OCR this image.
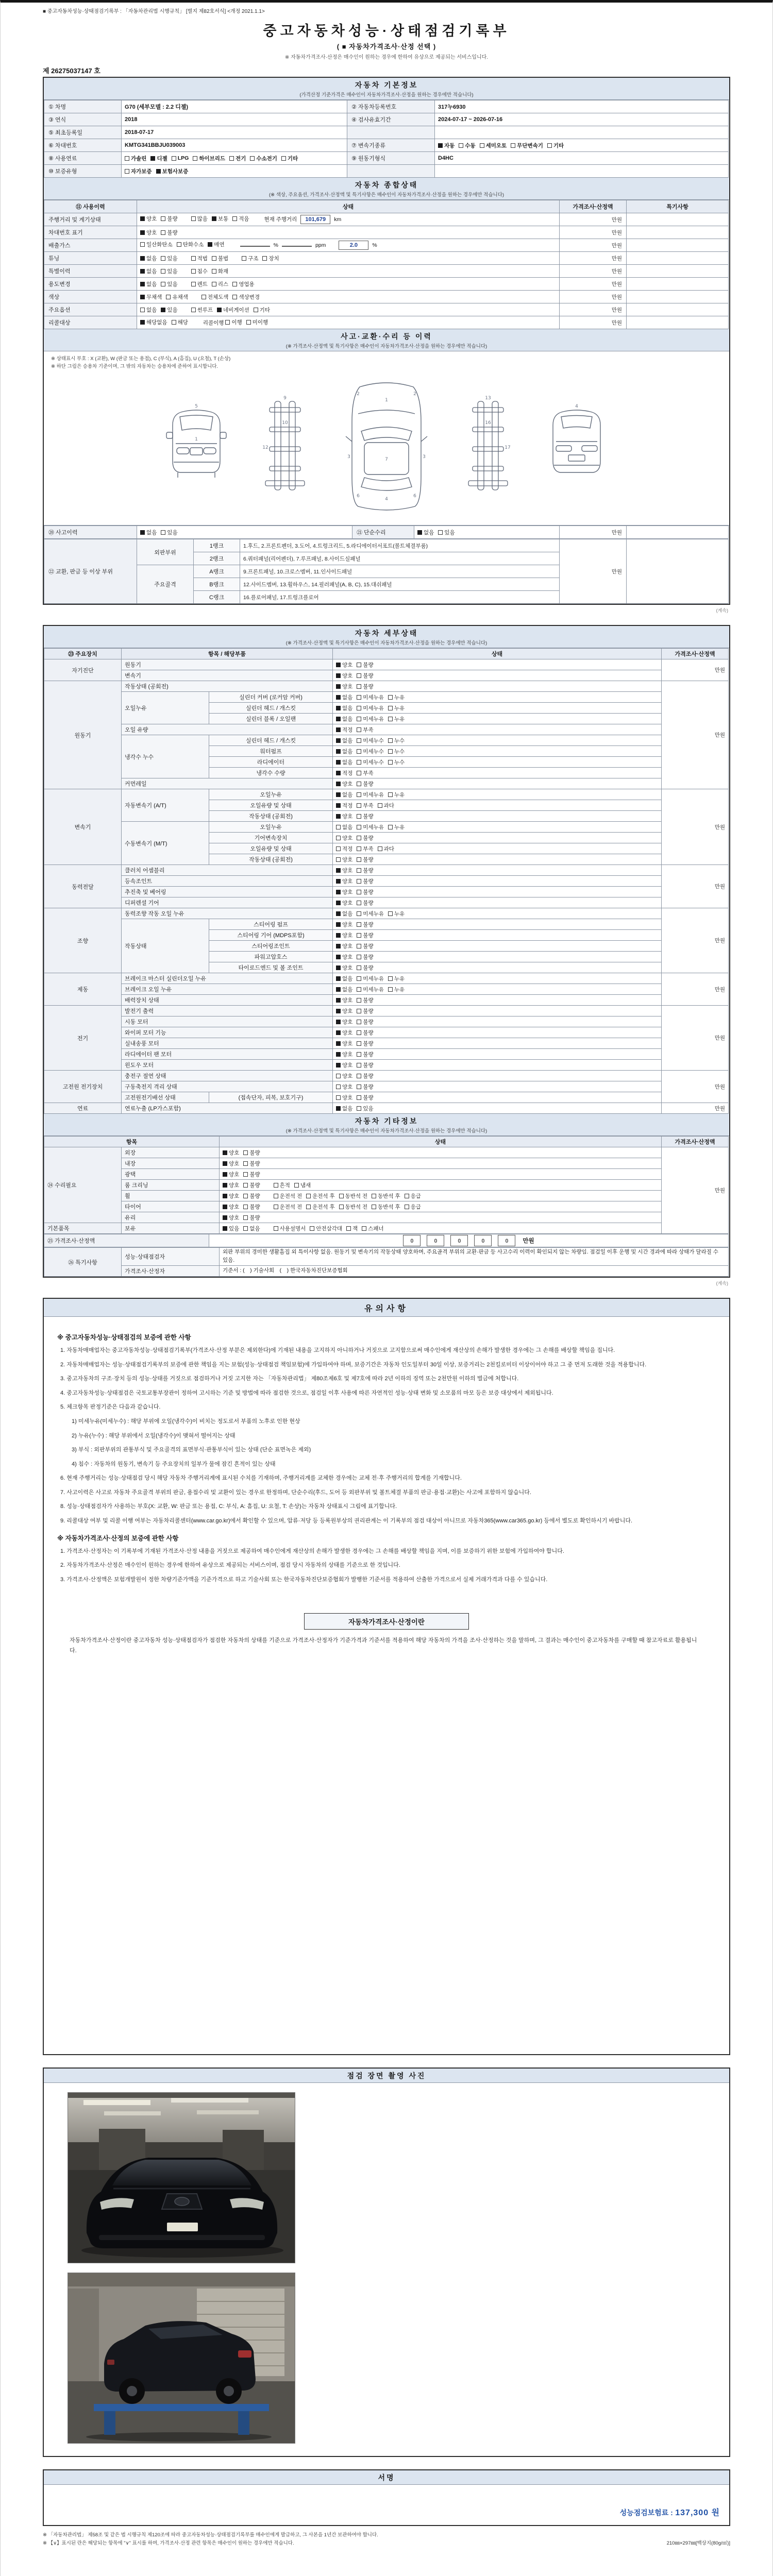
■ 중고자동차성능·상태점검기록부 : 「자동차관리법 시행규칙」 [별지 제82호서식] <개정 2021.1.1>
중고자동차성능·상태점검기록부
( ■ 자동차가격조사·산정 선택 )
※ 자동차가격조사·산정은 매수인이 원하는 경우에 한하여 유상으로 제공되는 서비스입니다.
제 26275037147 호
자동차 기본정보
(가격산정 기준가격은 매수인이 자동차가격조사·산정을 원하는 경우에만 적습니다)
① 차명	G70 (세부모델 : 2.2 디젤)	② 자동차등록번호	317누6930
③ 연식	2018	④ 검사유효기간	2024-07-17 ~ 2026-07-16
⑤ 최초등록일	2018-07-17		
⑥ 차대번호	KMTG341BBJU039003	⑦ 변속기종류	자동 수동 세미오토 무단변속기 기타

⑧ 사용연료	가솔린 디젤 LPG 하이브리드 전기 수소전기 기타	⑨ 원동기형식	D4HC
⑩ 보증유형	자가보증 보험사보증		

자동차 종합상태
(※ 색상, 주요옵션, 가격조사·산정액 및 특기사항은 매수인이 자동차가격조사·산정을 원하는 경우에만 적습니다)
⑪ 사용이력	상태	가격조사·산정액	특기사항
주행거리 및 계기상태	양호 불량	많음 보통 적음	현재 주행거리 101,679 km	만원	
차대번호 표기	양호 불량	만원	
배출가스	일산화탄소 탄화수소 매연 % ppm 2.0 %	만원	
튜닝	없음 있음	적법 불법	구조 장치	만원	
특별이력	없음 있음 침수 화재	만원	
용도변경	없음 있음 렌트 리스 영업용	만원	
색상	무채색 유채색 전체도색 색상변경	만원	
주요옵션	없음 있음 썬루프 네비게이션 기타	만원	
리콜대상	해당없음 해당 리콜이행 이행 미이행	만원	
사고·교환·수리 등 이력
(※ 가격조사·산정액 및 특기사항은 매수인이 자동차가격조사·산정을 원하는 경우에만 적습니다)
※ 상태표시 부호 : X (교환), W (판금 또는 용접), C (부식), A (흠집), U (요철), T (손상)
※ 하단 그림은 승용차 기준이며, 그 밖의 자동차는 승용차에 준하여 표시합니다.
5
1
9
10
12
1
2	2
3	3
7
4
6	6
13
16
17
4
⑳ 사고이력	없음 있음	㉑ 단순수리	없음 있음	만원	
㉒ 교환, 판금 등 이상 부위	외판부위	1랭크	1.후드, 2.프론트펜더, 3.도어, 4.트렁크리드, 5.라디에이터서포트(볼트체결부품)	만원	
		2랭크	6.쿼터패널(리어펜더), 7.루프패널, 8.사이드실패널		
	주요골격	A랭크	9.프론트패널, 10.크로스멤버, 11.인사이드패널		
		B랭크	12.사이드멤버, 13.휠하우스, 14.필러패널(A, B, C), 15.대쉬패널		
		C랭크	16.플로어패널, 17.트렁크플로어		
(계속)
자동차 세부상태
(※ 가격조사·산정액 및 특기사항은 매수인이 자동차가격조사·산정을 원하는 경우에만 적습니다)
㉓ 주요장치	항목 / 해당부품		상태	가격조사·산정액
자기진단	원동기		양호 불량	만원
	변속기		양호 불량	

원동기	작동상태 (공회전)		양호 불량	만원
	오일누유	실린더 커버 (로커암 커버)	없음 미세누유 누유	

		실린더 헤드 / 개스킷	없음 미세누유 누유	

		실린더 블록 / 오일팬	없음 미세누유 누유	

	오일 유량		적정 부족	

	냉각수 누수	실린더 헤드 / 개스킷	없음 미세누수 누수	

		워터펌프	없음 미세누수 누수	

		라디에이터	없음 미세누수 누수	

		냉각수 수량	적정 부족	

	커먼레일		양호 불량	

변속기	자동변속기 (A/T)	오일누유	없음 미세누유 누유	만원
		오일유량 및 상태	적정 부족 과다	

		작동상태 (공회전)	양호 불량	

	수동변속기 (M/T)	오일누유	없음 미세누유 누유	

		기어변속장치	양호 불량	

		오일유량 및 상태	적정 부족 과다	

		작동상태 (공회전)	양호 불량	

동력전달	클러치 어셈블리		양호 불량	만원
	등속조인트		양호 불량	

	추진축 및 베어링		양호 불량	

	디퍼렌셜 기어		양호 불량	

조향	동력조향 작동 오일 누유		없음 미세누유 누유	만원
	작동상태	스티어링 펌프	양호 불량	

		스티어링 기어 (MDPS포함)	양호 불량	

		스티어링조인트	양호 불량	

		파워고압호스	양호 불량	

		타이로드엔드 및 볼 조인트	양호 불량	

제동	브레이크 마스터 실린더오일 누유		없음 미세누유 누유	만원
	브레이크 오일 누유		없음 미세누유 누유	

	배력장치 상태		양호 불량	

전기	발전기 출력		양호 불량	만원
	시동 모터		양호 불량	

	와이퍼 모터 기능		양호 불량	

	실내송풍 모터		양호 불량	

	라디에이터 팬 모터		양호 불량	

	윈도우 모터		양호 불량	

고전원 전기장치	충전구 절연 상태		양호 불량	만원
	구동축전지 격리 상태		양호 불량	

	고전원전기배선 상태	(접속단자, 피복, 보호기구)	양호 불량	

연료	연료누출 (LP가스포함)		없음 있음	만원
자동차 기타정보
(※ 가격조사·산정액 및 특기사항은 매수인이 자동차가격조사·산정을 원하는 경우에만 적습니다)
항목		상태	가격조사·산정액
㉔ 수리필요	외장	양호 불량	만원
	내장	양호 불량	

	광택	양호 불량	

	룸 크리닝	양호 불량 흔적 냄새	

휠	양호 불량	운전석 전 운전석 후 동반석 전 동반석 후 응급

타이어	양호 불량	운전석 전 운전석 후 동반석 전 동반석 후 응급

	유리	양호 불량	

기본품목	보유	있음 없음	사용설명서 안전삼각대 잭 스패너
㉕ 가격조사·산정액	0	0	0	0	0 만원
㉖ 특기사항	성능·상태점검자	외판 부위의 경미한 생활흠집 외 특이사항 없음. 원동기 및 변속기의 작동상태 양호하며, 주요골격 부위의 교환·판금 등 사고수리 이력이 확인되지 않는 차량임. 점검일 이후 운행 및 시간 경과에 따라 상태가 달라질 수 있음.
	가격조사·산정자	기준서 : (　) 기술사회　(　) 한국자동차진단보증협회
(계속)
유의사항
※ 중고자동차성능·상태점검의 보증에 관한 사항
1. 자동차매매업자는 중고자동차성능·상태점검기록부(가격조사·산정 부분은 제외한다)에 기재된 내용을 고지하지 아니하거나 거짓으로 고지함으로써 매수인에게 재산상의 손해가 발생한 경우에는 그 손해를 배상할 책임을 집니다.
2. 자동차매매업자는 성능·상태점검기록부의 보증에 관한 책임을 지는 보험(성능·상태점검 책임보험)에 가입하여야 하며, 보증기간은 자동차 인도일부터 30일 이상, 보증거리는 2천킬로미터 이상이어야 하고 그 중 먼저 도래한 것을 적용합니다.
3. 중고자동차의 구조·장치 등의 성능·상태를 거짓으로 점검하거나 거짓 고지한 자는 「자동차관리법」 제80조제6호 및 제7호에 따라 2년 이하의 징역 또는 2천만원 이하의 벌금에 처합니다.
4. 중고자동차성능·상태점검은 국토교통부장관이 정하여 고시하는 기준 및 방법에 따라 점검한 것으로, 점검일 이후 사용에 따른 자연적인 성능·상태 변화 및 소모품의 마모 등은 보증 대상에서 제외됩니다.
5. 체크항목 판정기준은 다음과 같습니다.
1) 미세누유(미세누수) : 해당 부위에 오일(냉각수)이 비치는 정도로서 부품의 노후로 인한 현상
2) 누유(누수) : 해당 부위에서 오일(냉각수)이 맺혀서 떨어지는 상태
3) 부식 : 외판부위의 관통부식 및 주요골격의 표면부식·관통부식이 있는 상태 (단순 표면녹은 제외)
4) 침수 : 자동차의 원동기, 변속기 등 주요장치의 일부가 물에 잠긴 흔적이 있는 상태
6. 현재 주행거리는 성능·상태점검 당시 해당 자동차 주행거리계에 표시된 수치를 기재하며, 주행거리계를 교체한 경우에는 교체 전·후 주행거리의 합계를 기재합니다.
7. 사고이력은 사고로 자동차 주요골격 부위의 판금, 용접수리 및 교환이 있는 경우로 한정하며, 단순수리(후드, 도어 등 외판부위 및 볼트체결 부품의 판금·용접·교환)는 사고에 포함하지 않습니다.
8. 성능·상태점검자가 사용하는 부호(X: 교환, W: 판금 또는 용접, C: 부식, A: 흠집, U: 요철, T: 손상)는 자동차 상태표시 그림에 표기합니다.
9. 리콜대상 여부 및 리콜 이행 여부는 자동차리콜센터(www.car.go.kr)에서 확인할 수 있으며, 압류·저당 등 등록원부상의 권리관계는 이 기록부의 점검 대상이 아니므로 자동차365(www.car365.go.kr) 등에서 별도로 확인하시기 바랍니다.
※ 자동차가격조사·산정의 보증에 관한 사항
1. 가격조사·산정자는 이 기록부에 기재된 가격조사·산정 내용을 거짓으로 제공하여 매수인에게 재산상의 손해가 발생한 경우에는 그 손해를 배상할 책임을 지며, 이를 보증하기 위한 보험에 가입하여야 합니다.
2. 자동차가격조사·산정은 매수인이 원하는 경우에 한하여 유상으로 제공되는 서비스이며, 점검 당시 자동차의 상태를 기준으로 한 것입니다.
3. 가격조사·산정액은 보험개발원이 정한 차량기준가액을 기준가격으로 하고 기술사회 또는 한국자동차진단보증협회가 발행한 기준서를 적용하여 산출한 가격으로서 실제 거래가격과 다를 수 있습니다.
자동차가격조사·산정이란
자동차가격조사·산정이란 중고자동차 성능·상태점검자가 점검한 자동차의 상태를 기준으로 가격조사·산정자가 기준가격과 기준서를 적용하여 해당 자동차의 가격을 조사·산정하는 것을 말하며, 그 결과는 매수인이 중고자동차를 구매할 때 참고자료로 활용됩니다.
점검 장면 촬영 사진
서명
성능점검보험료 : 137,300 원
※ 「자동차관리법」 제58조 및 같은 법 시행규칙 제120조에 따라 중고자동차성능·상태점검기록부를 매수인에게 발급하고, 그 사본을 1년간 보관하여야 합니다.
※ 【∨】표시된 란은 해당되는 항목에 "∨" 표시를 하며, 가격조사·산정 관련 항목은 매수인이 원하는 경우에만 적습니다.	210㎜×297㎜[백상지(80g/㎡)]
